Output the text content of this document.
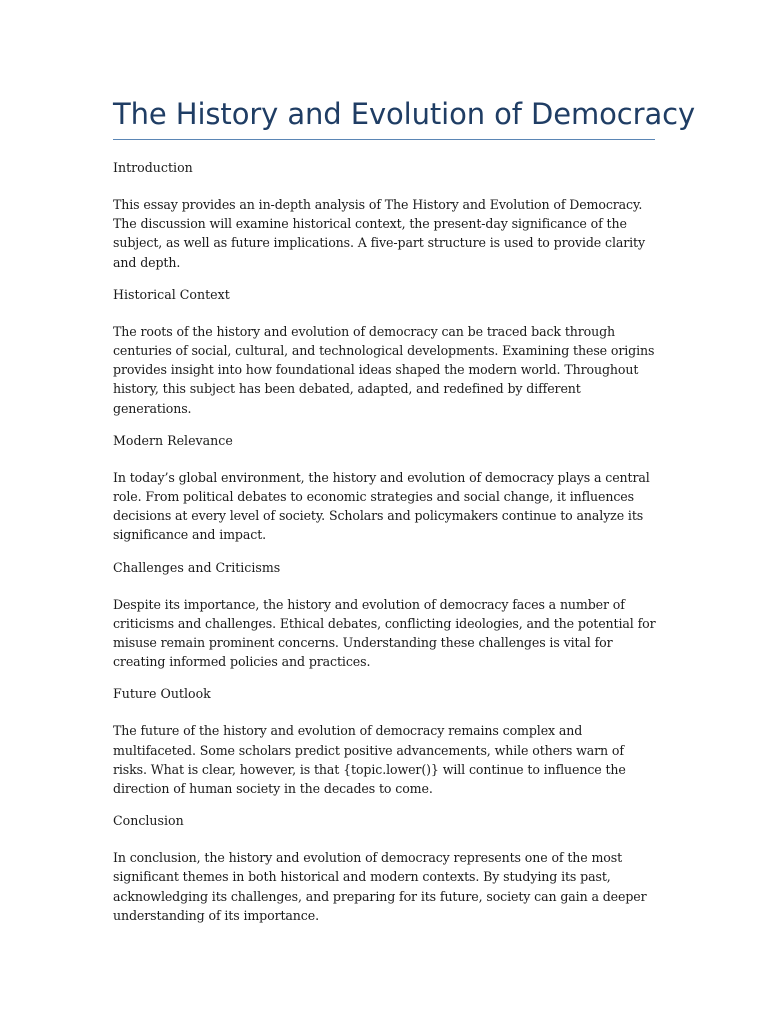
The History and Evolution of Democracy

Introduction

This essay provides an in-depth analysis of The History and Evolution of Democracy. The discussion will examine historical context, the present-day significance of the subject, as well as future implications. A five-part structure is used to provide clarity and depth.

Historical Context

The roots of the history and evolution of democracy can be traced back through centuries of social, cultural, and technological developments. Examining these origins provides insight into how foundational ideas shaped the modern world. Throughout history, this subject has been debated, adapted, and redefined by different generations.

Modern Relevance

In today’s global environment, the history and evolution of democracy plays a central role. From political debates to economic strategies and social change, it influences decisions at every level of society. Scholars and policymakers continue to analyze its significance and impact.

Challenges and Criticisms

Despite its importance, the history and evolution of democracy faces a number of criticisms and challenges. Ethical debates, conflicting ideologies, and the potential for misuse remain prominent concerns. Understanding these challenges is vital for creating informed policies and practices.

Future Outlook

The future of the history and evolution of democracy remains complex and multifaceted. Some scholars predict positive advancements, while others warn of risks. What is clear, however, is that {topic.lower()} will continue to influence the direction of human society in the decades to come.

Conclusion

In conclusion, the history and evolution of democracy represents one of the most significant themes in both historical and modern contexts. By studying its past, acknowledging its challenges, and preparing for its future, society can gain a deeper understanding of its importance.
